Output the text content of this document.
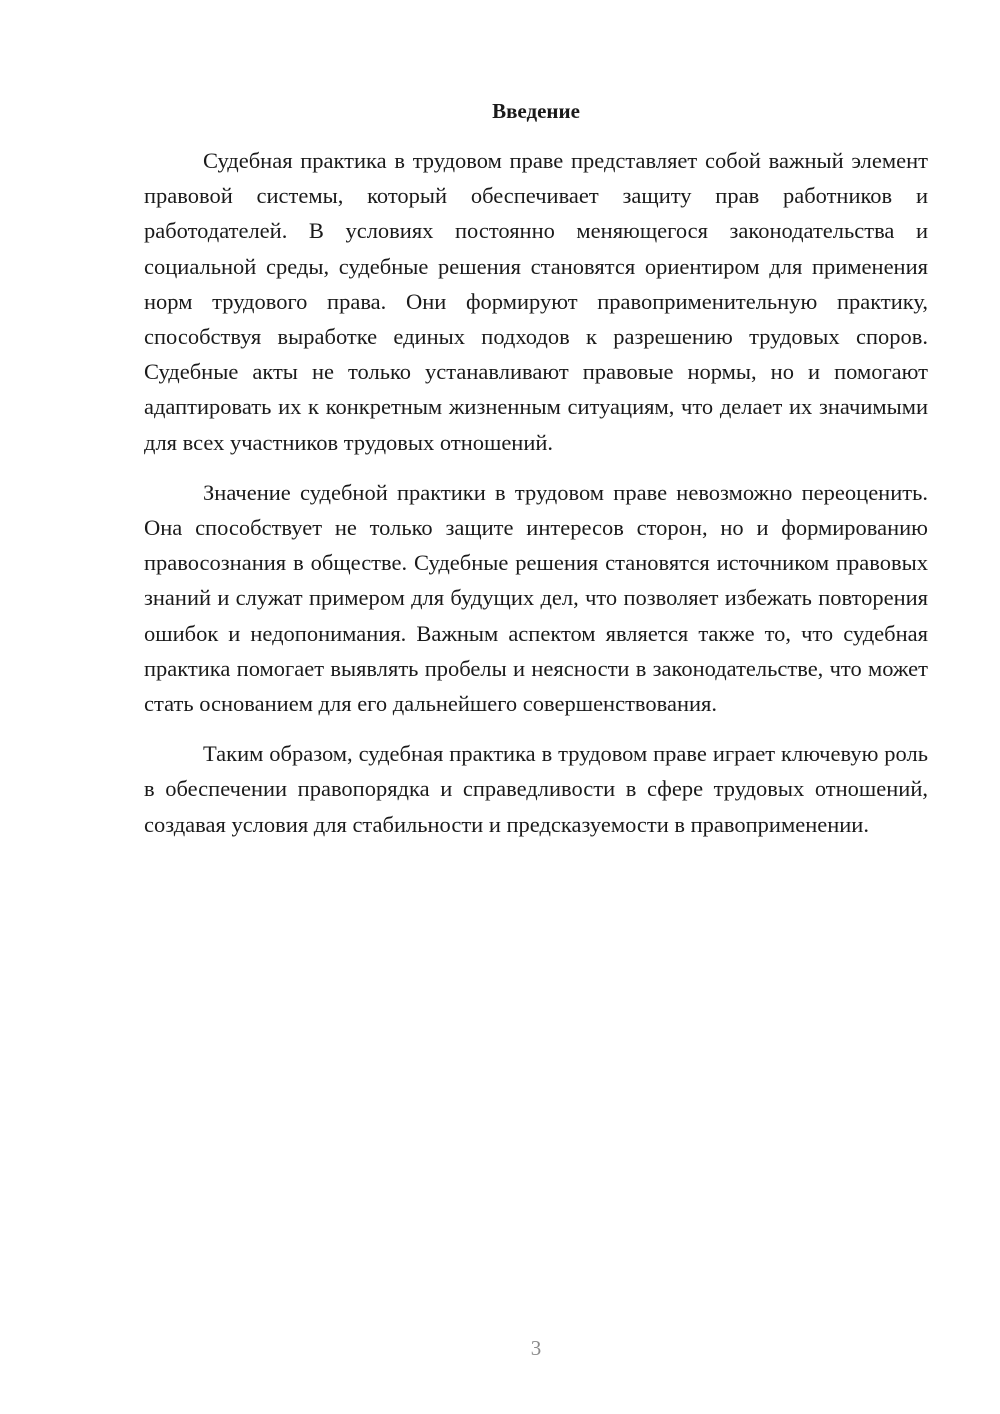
Введение

Судебная практика в трудовом праве представляет собой важный элемент правовой системы, который обеспечивает защиту прав работников и работодателей. В условиях постоянно меняющегося законодательства и социальной среды, судебные решения становятся ориентиром для применения норм трудового права. Они формируют правоприменительную практику, способствуя выработке единых подходов к разрешению трудовых споров. Судебные акты не только устанавливают правовые нормы, но и помогают адаптировать их к конкретным жизненным ситуациям, что делает их значимыми для всех участников трудовых отношений.

Значение судебной практики в трудовом праве невозможно переоценить. Она способствует не только защите интересов сторон, но и формированию правосознания в обществе. Судебные решения становятся источником правовых знаний и служат примером для будущих дел, что позволяет избежать повторения ошибок и недопонимания. Важным аспектом является также то, что судебная практика помогает выявлять пробелы и неясности в законодательстве, что может стать основанием для его дальнейшего совершенствования.

Таким образом, судебная практика в трудовом праве играет ключевую роль в обеспечении правопорядка и справедливости в сфере трудовых отношений, создавая условия для стабильности и предсказуемости в правоприменении.

3
